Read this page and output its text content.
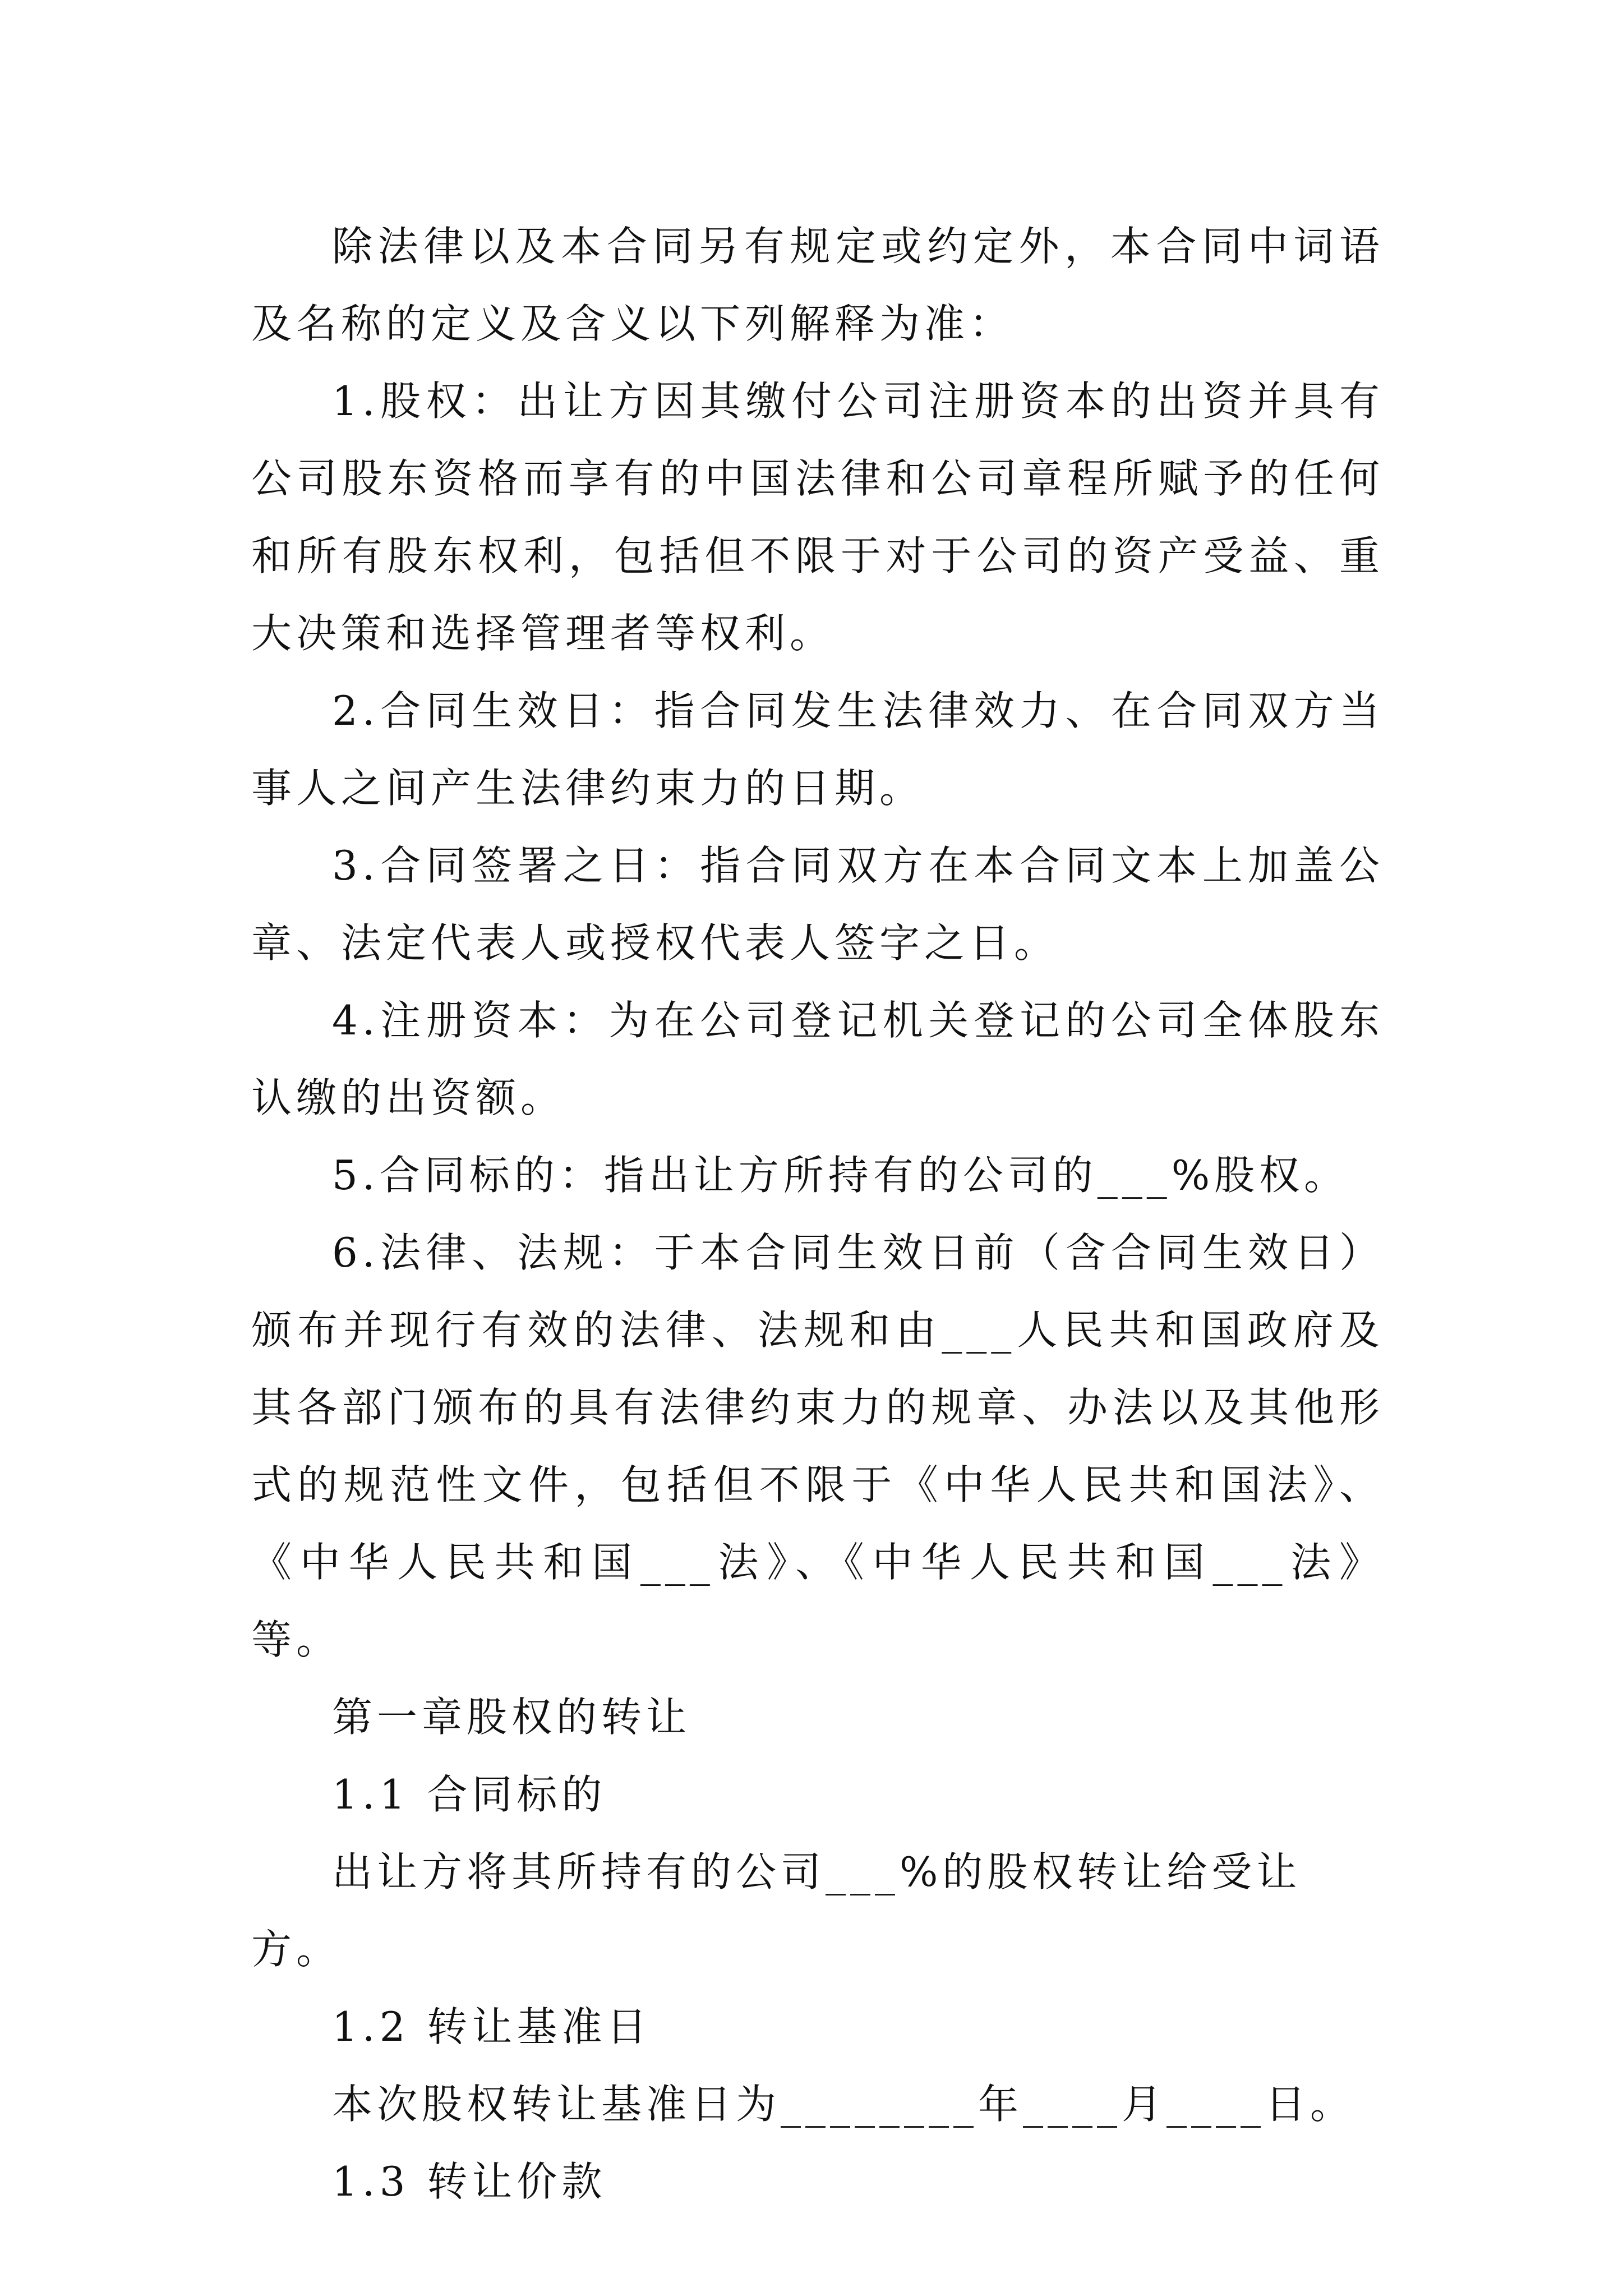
除法律以及本合同另有规定或约定外，本合同中词语及名称的定义及含义以下列解释为准：

1.股权：出让方因其缴付公司注册资本的出资并具有公司股东资格而享有的中国法律和公司章程所赋予的任何和所有股东权利，包括但不限于对于公司的资产受益、重大决策和选择管理者等权利。

2.合同生效日：指合同发生法律效力、在合同双方当事人之间产生法律约束力的日期。

3.合同签署之日：指合同双方在本合同文本上加盖公章、法定代表人或授权代表人签字之日。

4.注册资本：为在公司登记机关登记的公司全体股东认缴的出资额。

5.合同标的：指出让方所持有的公司的___%股权。

6.法律、法规：于本合同生效日前（含合同生效日）颁布并现行有效的法律、法规和由___人民共和国政府及其各部门颁布的具有法律约束力的规章、办法以及其他形式的规范性文件，包括但不限于《中华人民共和国法》、《中华人民共和国___法》、《中华人民共和国___法》等。

第一章股权的转让

1.1 合同标的

出让方将其所持有的公司___%的股权转让给受让方。

1.2 转让基准日

本次股权转让基准日为________年____月____日。

1.3 转让价款
